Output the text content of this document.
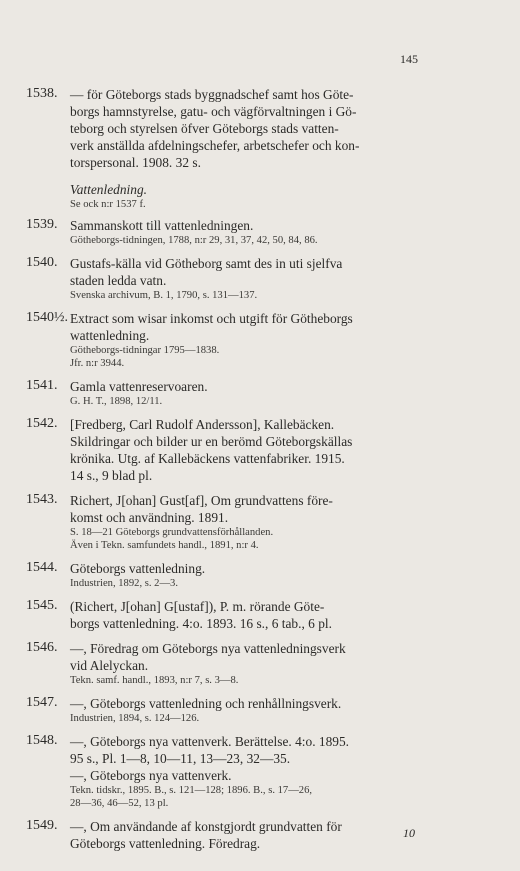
145
1538. — för Göteborgs stads byggnadschef samt hos Göte-
borgs hamnstyrelse, gatu- och vägförvaltningen i Gö-
teborg och styrelsen öfver Göteborgs stads vatten-
verk anställda afdelningschefer, arbetschefer och kon-
torspersonal. 1908. 32 s.
Vattenledning.
Se ock n:r 1537 f.
1539. Sammanskott till vattenledningen.
Götheborgs-tidningen, 1788, n:r 29, 31, 37, 42, 50, 84, 86.
1540. Gustafs-källa vid Götheborg samt des in uti sjelfva
staden ledda vatn.
Svenska archivum, B. 1, 1790, s. 131—137.
1540½. Extract som wisar inkomst och utgift för Götheborgs
wattenledning.
Götheborgs-tidningar 1795—1838.
Jfr. n:r 3944.
1541. Gamla vattenreservoaren.
G. H. T., 1898, 12/11.
1542. [Fredberg, Carl Rudolf Andersson], Kallebäcken.
Skildringar och bilder ur en berömd Göteborgskällas
krönika. Utg. af Kallebäckens vattenfabriker. 1915.
14 s., 9 blad pl.
1543. Richert, J[ohan] Gust[af], Om grundvattens före-
komst och användning. 1891.
S. 18—21 Göteborgs grundvattensförhållanden.
Även i Tekn. samfundets handl., 1891, n:r 4.
1544. Göteborgs vattenledning.
Industrien, 1892, s. 2—3.
1545. (Richert, J[ohan] G[ustaf]), P. m. rörande Göte-
borgs vattenledning. 4:o. 1893. 16 s., 6 tab., 6 pl.
1546. —, Föredrag om Göteborgs nya vattenledningsverk
vid Alelyckan.
Tekn. samf. handl., 1893, n:r 7, s. 3—8.
1547. —, Göteborgs vattenledning och renhållningsverk.
Industrien, 1894, s. 124—126.
1548. —, Göteborgs nya vattenverk. Berättelse. 4:o. 1895.
95 s., Pl. 1—8, 10—11, 13—23, 32—35.
—, Göteborgs nya vattenverk.
Tekn. tidskr., 1895. B., s. 121—128; 1896. B., s. 17—26,
28—36, 46—52, 13 pl.
1549. —, Om användande af konstgjordt grundvatten för
Göteborgs vattenledning. Föredrag.
10
